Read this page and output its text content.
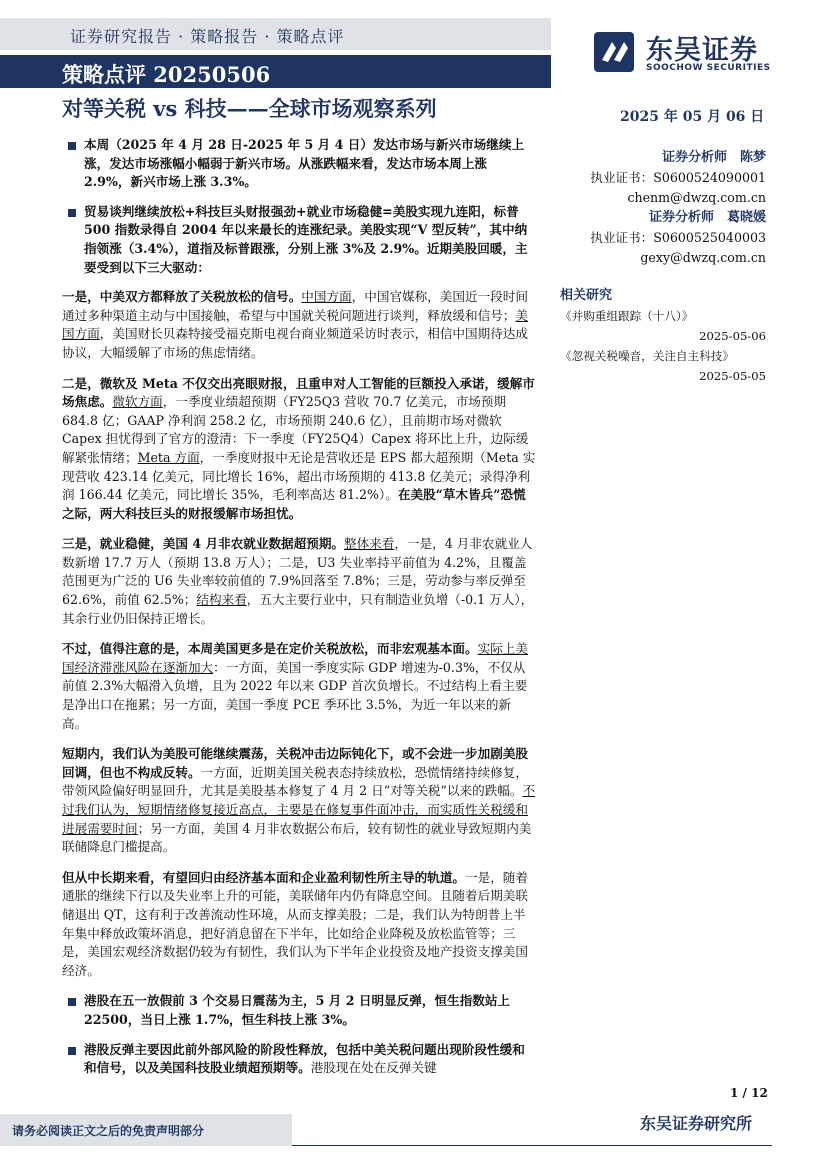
证券研究报告 · 策略报告 · 策略点评
策略点评 20250506
东吴证券
SOOCHOW SECURITIES
对等关税 vs 科技——全球市场观察系列	2025 年 05 月 06 日
本周（2025 年 4 月 28 日-2025 年 5 月 4 日）发达市场与新兴市场继续上涨，发达市场涨幅小幅弱于新兴市场。从涨跌幅来看，发达市场本周上涨 2.9%，新兴市场上涨 3.3%。
贸易谈判继续放松+科技巨头财报强劲+就业市场稳健=美股实现九连阳，标普 500 指数录得自 2004 年以来最长的连涨纪录。美股实现“V 型反转”，其中纳指领涨（3.4%），道指及标普跟涨，分别上涨 3%及 2.9%。近期美股回暖，主要受到以下三大驱动：
一是，中美双方都释放了关税放松的信号。中国方面，中国官媒称，美国近一段时间通过多种渠道主动与中国接触，希望与中国就关税问题进行谈判，释放缓和信号；美国方面，美国财长贝森特接受福克斯电视台商业频道采访时表示，相信中国期待达成协议，大幅缓解了市场的焦虑情绪。
二是，微软及 Meta 不仅交出亮眼财报，且重申对人工智能的巨额投入承诺，缓解市场焦虑。微软方面，一季度业绩超预期（FY25Q3 营收 70.7 亿美元，市场预期 684.8 亿；GAAP 净利润 258.2 亿，市场预期 240.6 亿），且前期市场对微软 Capex 担忧得到了官方的澄清：下一季度（FY25Q4）Capex 将环比上升，边际缓解紧张情绪；Meta 方面，一季度财报中无论是营收还是 EPS 都大超预期（Meta 实现营收 423.14 亿美元，同比增长 16%，超出市场预期的 413.8 亿美元；录得净利润 166.44 亿美元，同比增长 35%，毛利率高达 81.2%）。在美股“草木皆兵”恐慌之际，两大科技巨头的财报缓解市场担忧。
三是，就业稳健，美国 4 月非农就业数据超预期。整体来看，一是，4 月非农就业人数新增 17.7 万人（预期 13.8 万人）；二是，U3 失业率持平前值为 4.2%，且覆盖范围更为广泛的 U6 失业率较前值的 7.9%回落至 7.8%；三是，劳动参与率反弹至 62.6%，前值 62.5%；结构来看，五大主要行业中，只有制造业负增（-0.1 万人），其余行业仍旧保持正增长。
不过，值得注意的是，本周美国更多是在定价关税放松，而非宏观基本面。实际上美国经济滞涨风险在逐渐加大：一方面，美国一季度实际 GDP 增速为-0.3%，不仅从前值 2.3%大幅滑入负增，且为 2022 年以来 GDP 首次负增长。不过结构上看主要是净出口在拖累；另一方面，美国一季度 PCE 季环比 3.5%，为近一年以来的新高。
短期内，我们认为美股可能继续震荡，关税冲击边际钝化下，或不会进一步加剧美股回调，但也不构成反转。一方面，近期美国关税表态持续放松，恐慌情绪持续修复，带领风险偏好明显回升，尤其是美股基本修复了 4 月 2 日“对等关税”以来的跌幅。不过我们认为，短期情绪修复接近高点，主要是在修复事件面冲击，而实质性关税缓和进展需要时间；另一方面，美国 4 月非农数据公布后，较有韧性的就业导致短期内美联储降息门槛提高。
但从中长期来看，有望回归由经济基本面和企业盈利韧性所主导的轨道。一是，随着通胀的继续下行以及失业率上升的可能，美联储年内仍有降息空间。且随着后期美联储退出 QT，这有利于改善流动性环境，从而支撑美股；二是，我们认为特朗普上半年集中释放政策坏消息，把好消息留在下半年，比如给企业降税及放松监管等；三是，美国宏观经济数据仍较为有韧性，我们认为下半年企业投资及地产投资支撑美国经济。
港股在五一放假前 3 个交易日震荡为主，5 月 2 日明显反弹，恒生指数站上 22500，当日上涨 1.7%，恒生科技上涨 3%。
港股反弹主要因此前外部风险的阶段性释放，包括中美关税问题出现阶段性缓和和信号，以及美国科技股业绩超预期等。港股现在处在反弹关键
证券分析师　陈梦
执业证书：S0600524090001
chenm@dwzq.com.cn
证券分析师　葛晓媛
执业证书：S0600525040003
gexy@dwzq.com.cn
相关研究
《并购重组跟踪（十八）》
2025-05-06
《忽视关税噪音，关注自主科技》
2025-05-05
1 / 12
请务必阅读正文之后的免责声明部分	东吴证券研究所
